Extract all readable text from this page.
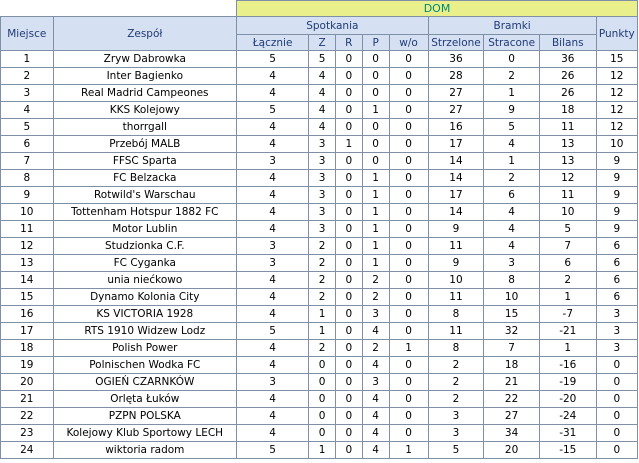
		DOM								
Miejsce	Zespół	Spotkania					Bramki			Punkty
		Łącznie	Z	R	P	w/o	Strzelone	Stracone	Bilans	
1	Zryw Dabrowka	5	5	0	0	0	36	0	36	15
2	Inter Bagienko	4	4	0	0	0	28	2	26	12
3	Real Madrid Campeones	4	4	0	0	0	27	1	26	12
4	KKS Kolejowy	5	4	0	1	0	27	9	18	12
5	thorrgall	4	4	0	0	0	16	5	11	12
6	Przebój MALB	4	3	1	0	0	17	4	13	10
7	FFSC Sparta	3	3	0	0	0	14	1	13	9
8	FC Belzacka	4	3	0	1	0	14	2	12	9
9	Rotwild's Warschau	4	3	0	1	0	17	6	11	9
10	Tottenham Hotspur 1882 FC	4	3	0	1	0	14	4	10	9
11	Motor Lublin	4	3	0	1	0	9	4	5	9
12	Studzionka C.F.	3	2	0	1	0	11	4	7	6
13	FC Cyganka	3	2	0	1	0	9	3	6	6
14	unia niećkowo	4	2	0	2	0	10	8	2	6
15	Dynamo Kolonia City	4	2	0	2	0	11	10	1	6
16	KS VICTORIA 1928	4	1	0	3	0	8	15	-7	3
17	RTS 1910 Widzew Lodz	5	1	0	4	0	11	32	-21	3
18	Polish Power	4	2	0	2	1	8	7	1	3
19	Polnischen Wodka FC	4	0	0	4	0	2	18	-16	0
20	OGIEŃ CZARNKÓW	3	0	0	3	0	2	21	-19	0
21	Orlęta Łuków	4	0	0	4	0	2	22	-20	0
22	PZPN POLSKA	4	0	0	4	0	3	27	-24	0
23	Kolejowy Klub Sportowy LECH	4	0	0	4	0	3	34	-31	0
24	wiktoria radom	5	1	0	4	1	5	20	-15	0
